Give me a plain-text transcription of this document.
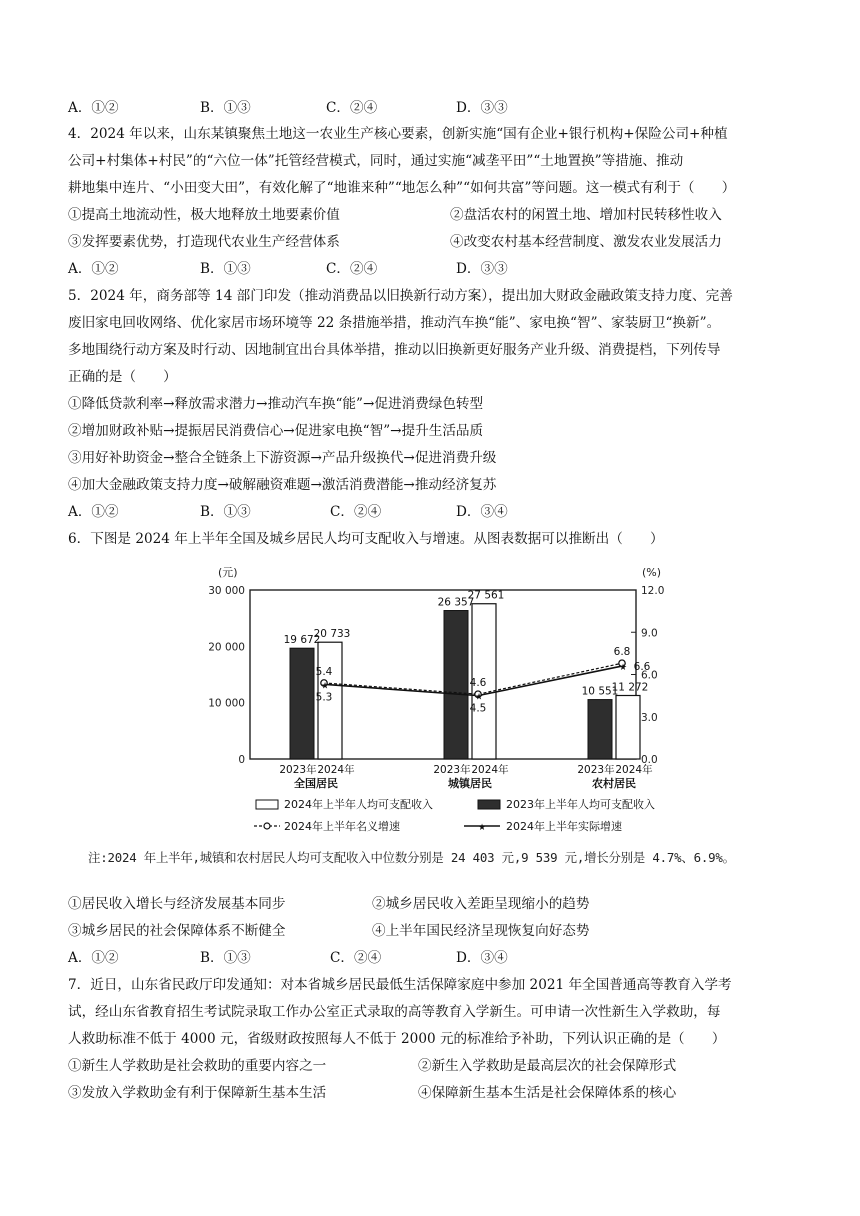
A．①②	B．①③	C．②④	D．③③
4．2024 年以来，山东某镇聚焦土地这一农业生产核心要素，创新实施“国有企业+银行机构+保险公司+种植
公司+村集体+村民”的“六位一体”托管经营模式，同时，通过实施“减垄平田”“土地置换”等措施、推动
耕地集中连片、“小田变大田”，有效化解了“地谁来种”“地怎么种”“如何共富”等问题。这一模式有利于（　　）
①提高土地流动性，极大地释放土地要素价值	②盘活农村的闲置土地、增加村民转移性收入
③发挥要素优势，打造现代农业生产经营体系	④改变农村基本经营制度、激发农业发展活力
A．①②	B．①③	C．②④	D．③③
5．2024 年，商务部等 14 部门印发（推动消费品以旧换新行动方案），提出加大财政金融政策支持力度、完善
废旧家电回收网络、优化家居市场环境等 22 条措施举措，推动汽车换“能”、家电换“智”、家装厨卫“换新”。
多地围绕行动方案及时行动、因地制宜出台具体举措，推动以旧换新更好服务产业升级、消费提档，下列传导
正确的是（　　）
①降低贷款利率→释放需求潜力→推动汽车换“能”→促进消费绿色转型
②增加财政补贴→提振居民消费信心→促进家电换“智”→提升生活品质
③用好补助资金→整合全链条上下游资源→产品升级换代→促进消费升级
④加大金融政策支持力度→破解融资难题→激活消费潜能→推动经济复苏
A．①②	B．①③	C．②④	D．③④
6．下图是 2024 年上半年全国及城乡居民人均可支配收入与增速。从图表数据可以推断出（　　）
(元)	(%)
0
10 000
20 000
30 000
0.0
3.0
6.0
9.0
12.0
19 672
20 733
2023年 2024年
全国居民
26 357
27 561
2023年 2024年
城镇居民
10 551
11 272
2023年 2024年
农村居民
5.4
4.6
6.8
★
5.3	★
4.5
★ 6.6
2024年上半年人均可支配收入	2023年上半年人均可支配收入
2024年上半年名义增速	★ 2024年上半年实际增速
注:2024 年上半年,城镇和农村居民人均可支配收入中位数分别是 24 403 元,9 539 元,增长分别是 4.7%、6.9%。
①居民收入增长与经济发展基本同步	②城乡居民收入差距呈现缩小的趋势
③城乡居民的社会保障体系不断健全	④上半年国民经济呈现恢复向好态势
A．①②	B．①③	C．②④	D．③④
7．近日，山东省民政厅印发通知：对本省城乡居民最低生活保障家庭中参加 2021 年全国普通高等教育入学考
试，经山东省教育招生考试院录取工作办公室正式录取的高等教育入学新生。可申请一次性新生入学救助，每
人救助标准不低于 4000 元，省级财政按照每人不低于 2000 元的标准给予补助，下列认识正确的是（　　）
①新生人学救助是社会救助的重要内容之一	②新生入学救助是最高层次的社会保障形式
③发放入学救助金有利于保障新生基本生活	④保障新生基本生活是社会保障体系的核心
